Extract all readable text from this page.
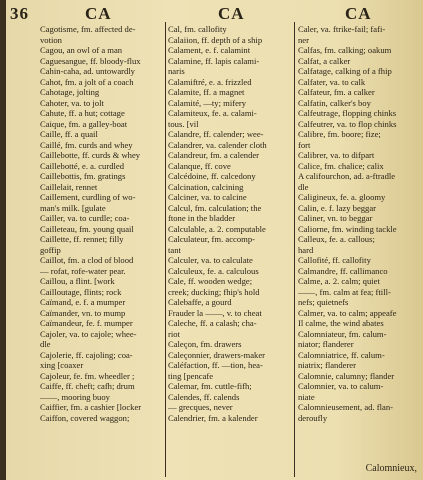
36	CA	CA	CA
Cagotisme, fm. affected de-
votion
Cagou, an owl of a man
Caguesangue, ff. bloody-flux
Cahin-caha, ad. untowardly
Cahot, fm. a jolt of a coach
Cahotage, jolting
Cahoter, va. to jolt
Cahute, ff. a hut; cottage
Caique, fm. a galley-boat
Caille, ff. a quail
Caillé, fm. curds and whey
Caillebotte, ff. curds & whey
Caillebotté, e. a. curdled
Caillebottis, fm. gratings
Caillelait, rennet
Caillement, curdling of wo-
man's milk. [gulate
Cailler, va. to curdle; coa-
Cailleteau, fm. young quail
Caillette, ff. rennet; filly
goffip
Caillot, fm. a clod of blood
— rofat, rofe-water pear.
Caillou, a flint. [work
Cailloutage, flints; rock
Caïmand, e. f. a mumper
Caïmander, vn. to mump
Caïmandeur, fe. f. mumper
Cajoler, va. to cajole; whee-
dle
Cajolerie, ff. cajoling; coa-
xing [coaxer
Cajoleur, fe. fm. wheedler ;
Caiffe, ff. cheft; cafh; drum
——, mooring buoy
Caiffier, fm. a cashier [locker
Caiffon, covered waggon;
Cal, fm. callofity
Calaiion, ff. depth of a ship
Calament, e. f. calamint
Calamine, ff. lapis calami-
naris
Calamiftré, e. a. frizzled
Calamite, ff. a magnet
Calamité, —ty; mifery
Calamiteux, fe. a. calami-
tous. [vil
Calandre, ff. calender; wee-
Calandrer, va. calender cloth
Calandreur, fm. a calender
Calanque, ff. cove
Calcédoine, ff. calcedony
Calcination, calcining
Calciner, va. to calcine
Calcul, fm. calculation; the
ftone in the bladder
Calculable, a. 2. computable
Calculateur, fm. accomp-
tant
Calculer, va. to calculate
Calculeux, fe. a. calculous
Cale, ff. wooden wedge;
creek; ducking; fhip's hold
Calebaffe, a gourd
Frauder la ——, v. to cheat
Caleche, ff. a calash; cha-
riot
Caleçon, fm. drawers
Caleçonnier, drawers-maker
Caléfaction, ff. —tion, hea-
ting [pencafe
Calemar, fm. cuttle-fifh;
Calendes, ff. calends
— grecques, never
Calendrier, fm. a kalender
Caler, va. ftrike-fail; fafi-
ner
Calfas, fm. calking; oakum
Calfat, a calker
Calfatage, calking of a fhip
Calfater, va. to calk
Calfateur, fm. a calker
Calfatin, calker's boy
Calfeutrage, flopping chinks
Calfeutrer, va. to flop chinks
Calibre, fm. boore; fize;
fort
Calibrer, va. to difpart
Calice, fm. chalice; calix
A califourchon, ad. a-ftradle
dle
Caligineux, fe. a. gloomy
Calin, e. f. lazy beggar
Caliner, vn. to beggar
Caliorne, fm. winding tackle
Calleux, fe. a. callous;
hard
Callofité, ff. callofity
Calmandre, ff. callimanco
Calme, a. 2. calm; quiet
——, fm. calm at fea; ftill-
nefs; quietnefs
Calmer, va. to calm; appeafe
Il calme, the wind abates
Calomniateur, fm. calum-
niator; flanderer
Calomniatrice, ff. calum-
niatrix; flanderer
Calomnie, calumny; flander
Calomnier, va. to calum-
niate
Calomnieusement, ad. flan-
deroufly
Calomnieux,
